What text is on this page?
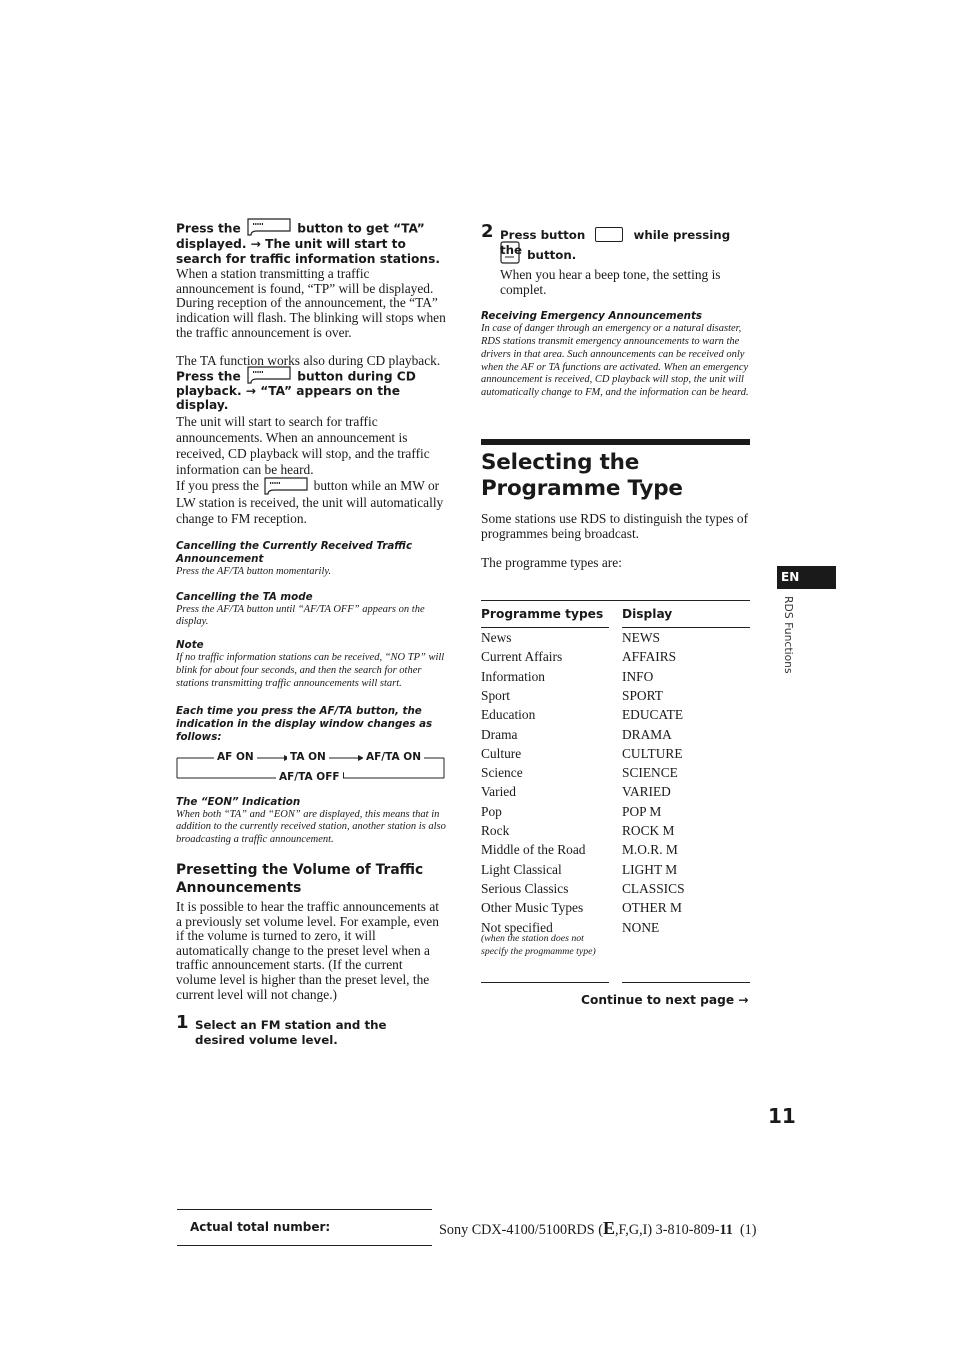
Press the	button to get “TA”
displayed. → The unit will start to
search for traffic information stations.
When a station transmitting a traffic announcement is found, “TP” will be displayed. During reception of the announcement, the “TA” indication will flash. The blinking will stops when the traffic announcement is over.
The TA function works also during CD playback.
Press the	button during CD
playback. → “TA” appears on the
display.
The unit will start to search for traffic announcements. When an announcement is received, CD playback will stop, and the traffic information can be heard.
If you press the	button while an MW or LW station is received, the unit will automatically change to FM reception.
Cancelling the Currently Received Traffic Announcement
Press the AF/TA button momentarily.
Cancelling the TA mode
Press the AF/TA button until “AF/TA OFF” appears on the display.
Note
If no traffic information stations can be received, “NO TP” will blink for about four seconds, and then the search for other stations transmitting traffic announcements will start.
Each time you press the AF/TA button, the indication in the display window changes as follows:
AF ON	TA ON	AF/TA ON
AF/TA OFF
The “EON” Indication
When both “TA” and “EON” are displayed, this means that in addition to the currently received station, another station is also broadcasting a traffic announcement.
Presetting the Volume of Traffic Announcements
It is possible to hear the traffic announcements at a previously set volume level. For example, even if the volume is turned to zero, it will automatically change to the preset level when a traffic announcement starts. (If the current volume level is higher than the preset level, the current level will not change.)
1 Select an FM station and the desired volume level.
2 Press button	while pressing the button.
When you hear a beep tone, the setting is complet.
Receiving Emergency Announcements
In case of danger through an emergency or a natural disaster, RDS stations transmit emergency announcements to warn the drivers in that area. Such announcements can be received only when the AF or TA functions are activated. When an emergency announcement is received, CD playback will stop, the unit will automatically change to FM, and the information can be heard.
Selecting the Programme Type
Some stations use RDS to distinguish the types of programmes being broadcast.
The programme types are:
Programme types Display
News	NEWS
Current Affairs	AFFAIRS
Information	INFO
Sport	SPORT
Education	EDUCATE
Drama	DRAMA
Culture	CULTURE
Science	SCIENCE
Varied	VARIED
Pop	POP M
Rock	ROCK M
Middle of the Road	M.O.R. M
Light Classical	LIGHT M
Serious Classics	CLASSICS
Other Music Types	OTHER M
Not specified	NONE
(when the station does not specify the progmamme type)
Continue to next page →
EN
RDS Functions
11
Actual total number:	Sony CDX-4100/5100RDS (E,F,G,I) 3-810-809-11  (1)
